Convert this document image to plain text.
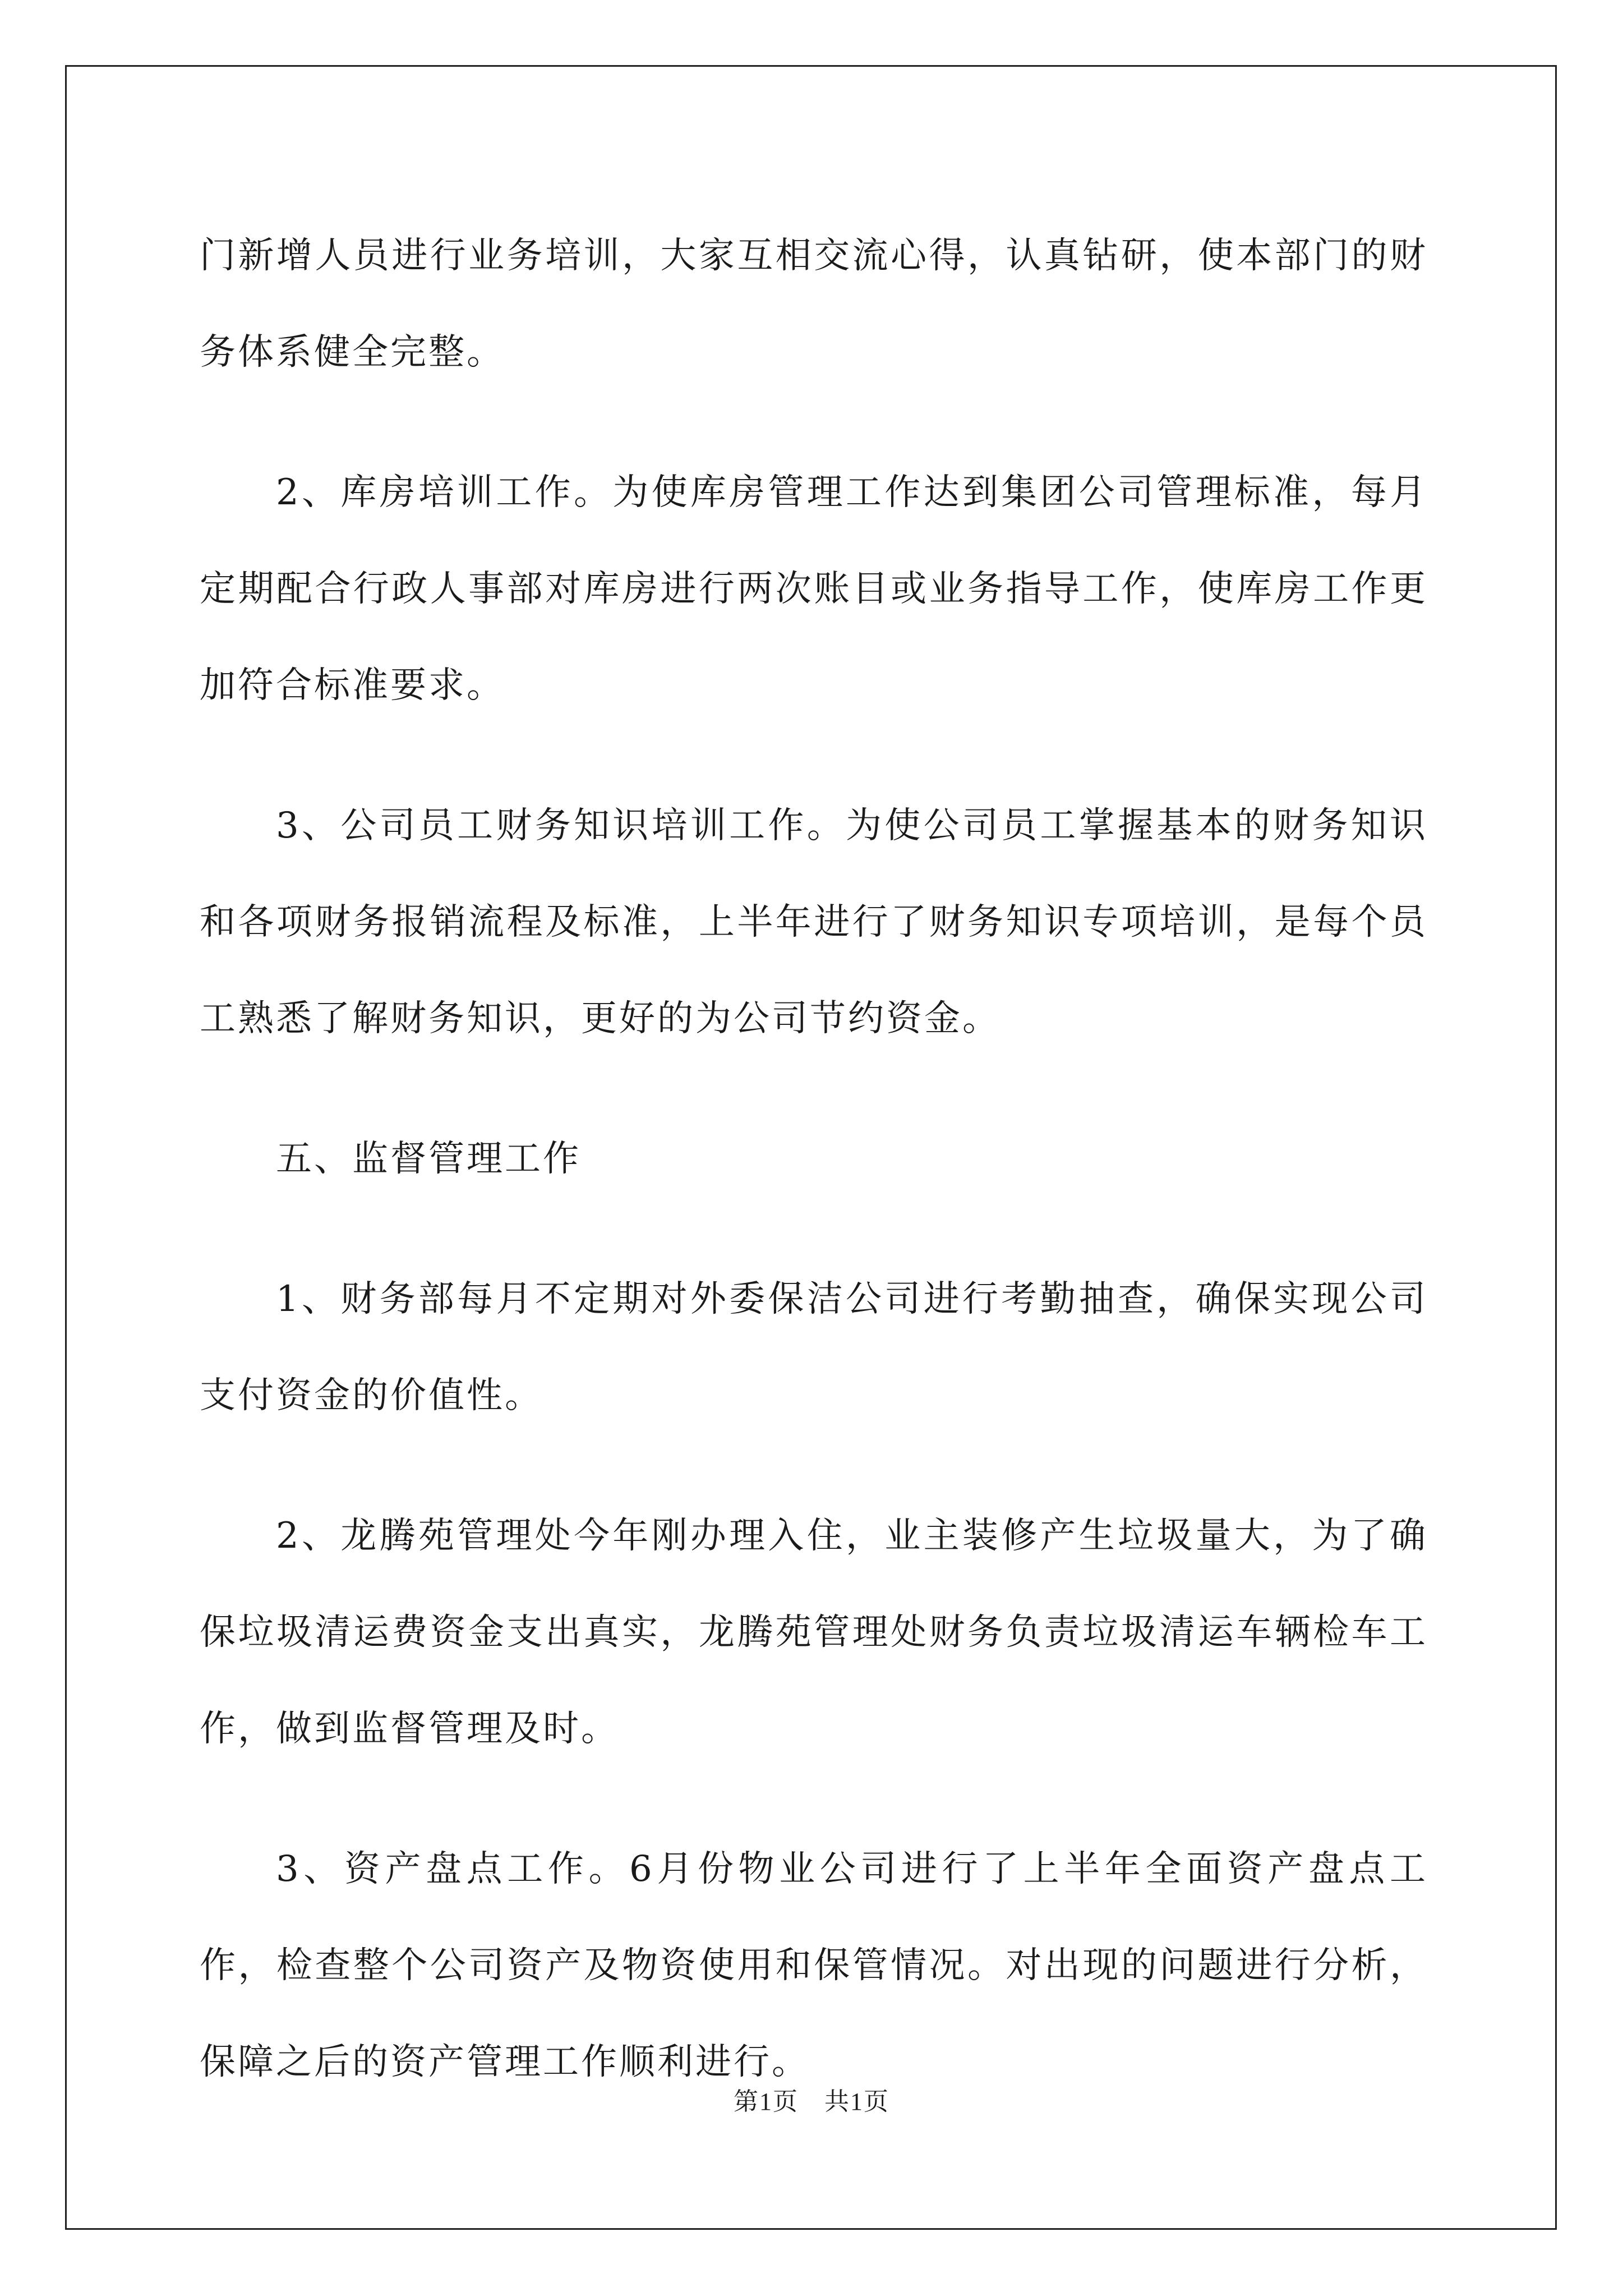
门新增人员进行业务培训，大家互相交流心得，认真钻研，使本部门的财务体系健全完整。

2、库房培训工作。为使库房管理工作达到集团公司管理标准，每月定期配合行政人事部对库房进行两次账目或业务指导工作，使库房工作更加符合标准要求。

3、公司员工财务知识培训工作。为使公司员工掌握基本的财务知识和各项财务报销流程及标准，上半年进行了财务知识专项培训，是每个员工熟悉了解财务知识，更好的为公司节约资金。

五、监督管理工作

1、财务部每月不定期对外委保洁公司进行考勤抽查，确保实现公司支付资金的价值性。

2、龙腾苑管理处今年刚办理入住，业主装修产生垃圾量大，为了确保垃圾清运费资金支出真实，龙腾苑管理处财务负责垃圾清运车辆检车工作，做到监督管理及时。

3、资产盘点工作。6月份物业公司进行了上半年全面资产盘点工作，检查整个公司资产及物资使用和保管情况。对出现的问题进行分析，保障之后的资产管理工作顺利进行。

第1页　共1页
